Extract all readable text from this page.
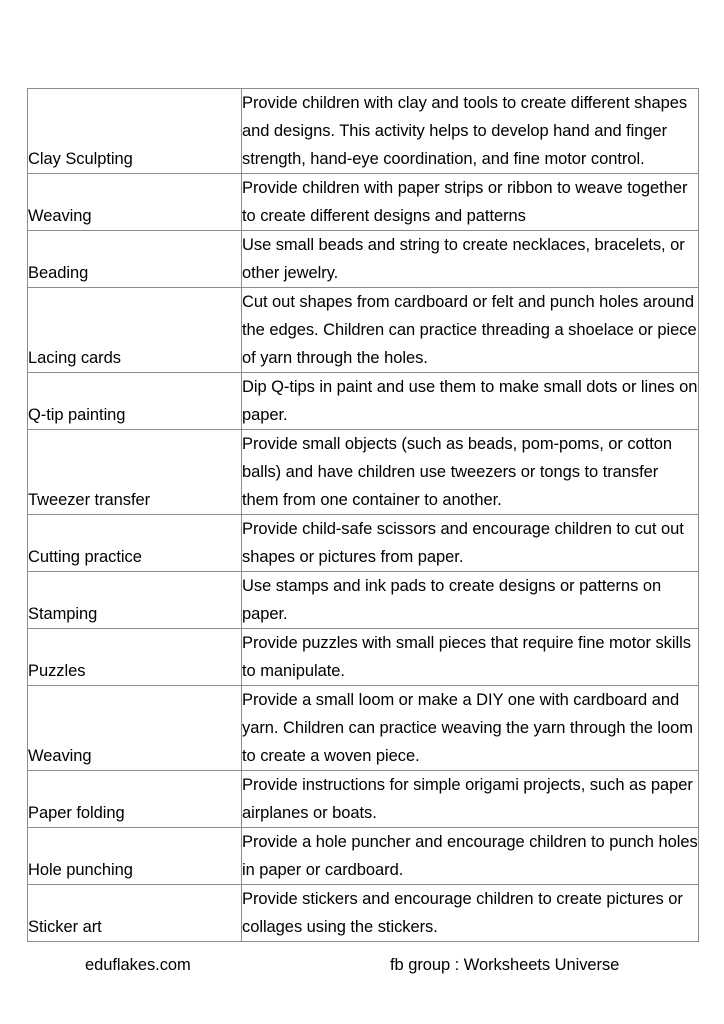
Clay Sculpting	Provide children with clay and tools to create different shapes and designs. This activity helps to develop hand and finger strength, hand-eye coordination, and fine motor control.

Weaving	Provide children with paper strips or ribbon to weave together to create different designs and patterns

Beading	Use small beads and string to create necklaces, bracelets, or other jewelry.

Lacing cards	Cut out shapes from cardboard or felt and punch holes around the edges. Children can practice threading a shoelace or piece of yarn through the holes.

Q-tip painting	Dip Q-tips in paint and use them to make small dots or lines on paper.

Tweezer transfer	Provide small objects (such as beads, pom-poms, or cotton balls) and have children use tweezers or tongs to transfer them from one container to another.

Cutting practice	Provide child-safe scissors and encourage children to cut out shapes or pictures from paper.

Stamping	Use stamps and ink pads to create designs or patterns on paper.

Puzzles	Provide puzzles with small pieces that require fine motor skills to manipulate.

Weaving	Provide a small loom or make a DIY one with cardboard and yarn. Children can practice weaving the yarn through the loom to create a woven piece.

Paper folding	Provide instructions for simple origami projects, such as paper airplanes or boats.

Hole punching	Provide a hole puncher and encourage children to punch holes in paper or cardboard.

Sticker art	Provide stickers and encourage children to create pictures or collages using the stickers.
eduflakes.com	fb group : Worksheets Universe
